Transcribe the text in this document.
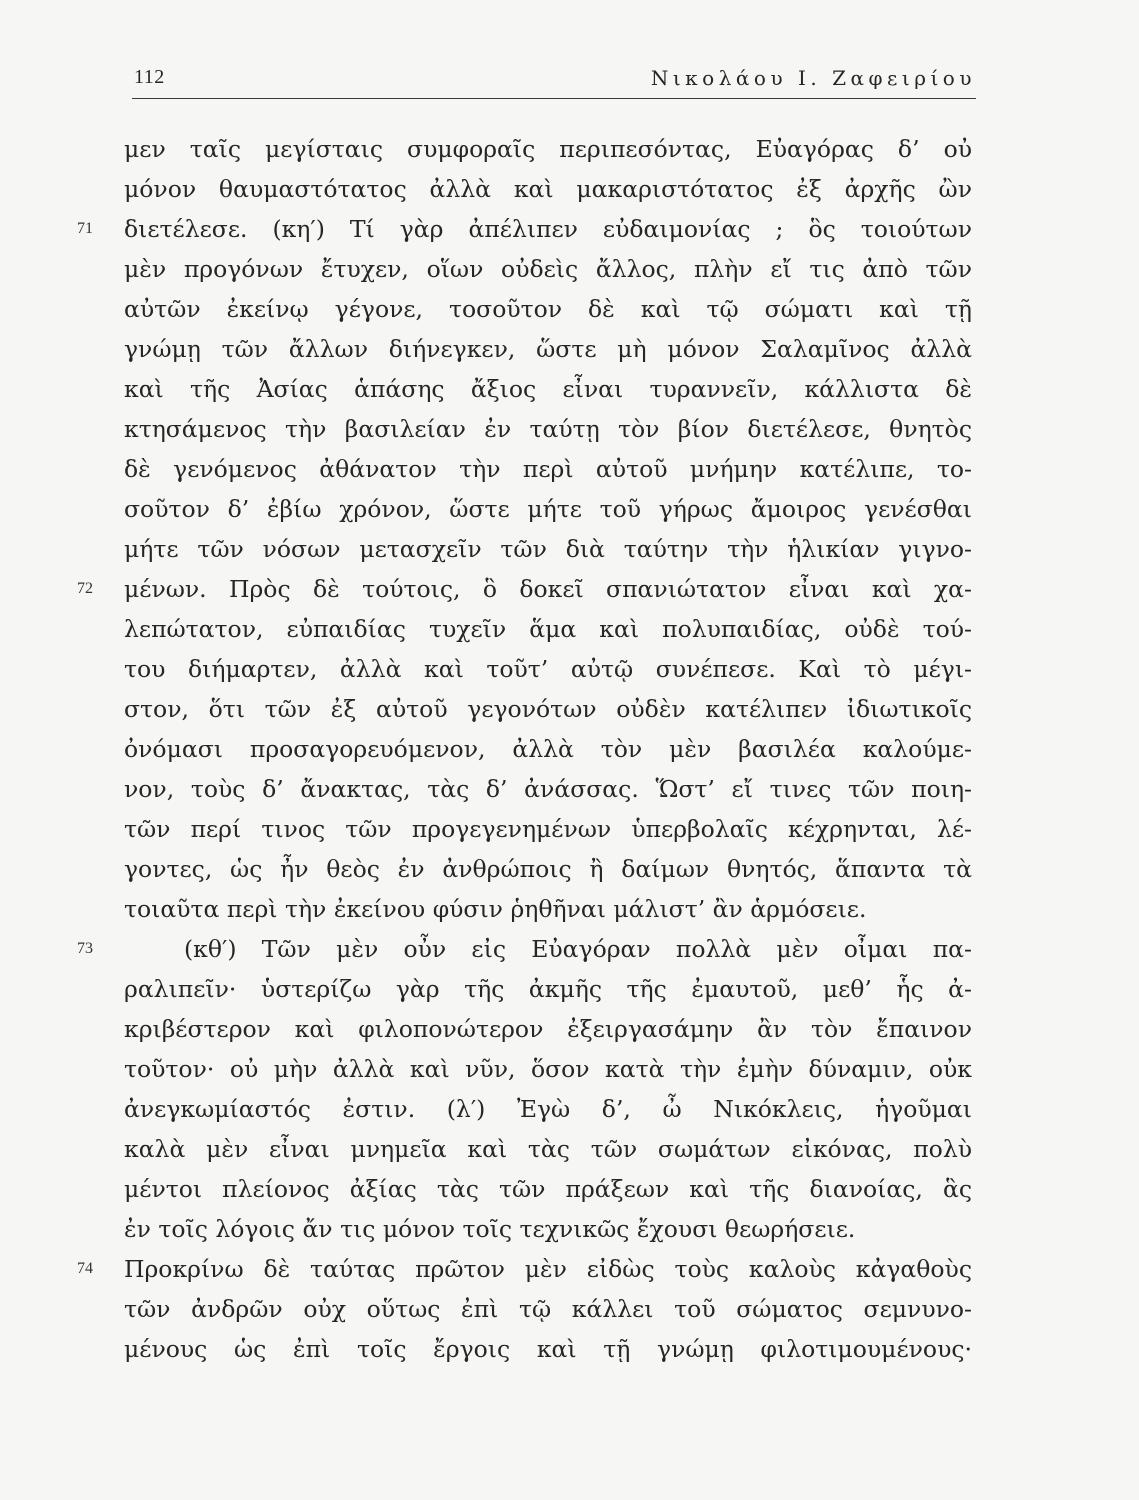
112	Νικολάου Ι. Ζαφειρίου
μεν ταῖς μεγίσταις συμφοραῖς περιπεσόντας, Εὐαγόρας δ’ οὐ
μόνον θαυμαστότατος ἀλλὰ καὶ μακαριστότατος ἐξ ἀρχῆς ὢν
διετέλεσε. (κη′) Τί γὰρ ἀπέλιπεν εὐδαιμονίας ; ὃς τοιούτων
μὲν προγόνων ἔτυχεν, οἵων οὐδεὶς ἄλλος, πλὴν εἴ τις ἀπὸ τῶν
αὐτῶν ἐκείνῳ γέγονε, τοσοῦτον δὲ καὶ τῷ σώματι καὶ τῇ
γνώμῃ τῶν ἄλλων διήνεγκεν, ὥστε μὴ μόνον Σαλαμῖνος ἀλλὰ
καὶ τῆς Ἀσίας ἁπάσης ἄξιος εἶναι τυραννεῖν, κάλλιστα δὲ
κτησάμενος τὴν βασιλείαν ἐν ταύτῃ τὸν βίον διετέλεσε, θνητὸς
δὲ γενόμενος ἀθάνατον τὴν περὶ αὐτοῦ μνήμην κατέλιπε, το-
σοῦτον δ’ ἐβίω χρόνον, ὥστε μήτε τοῦ γήρως ἄμοιρος γενέσθαι
μήτε τῶν νόσων μετασχεῖν τῶν διὰ ταύτην τὴν ἡλικίαν γιγνο-
μένων. Πρὸς δὲ τούτοις, ὃ δοκεῖ σπανιώτατον εἶναι καὶ χα-
λεπώτατον, εὐπαιδίας τυχεῖν ἅμα καὶ πολυπαιδίας, οὐδὲ τού-
του διήμαρτεν, ἀλλὰ καὶ τοῦτ’ αὐτῷ συνέπεσε. Καὶ τὸ μέγι-
στον, ὅτι τῶν ἐξ αὐτοῦ γεγονότων οὐδὲν κατέλιπεν ἰδιωτικοῖς
ὀνόμασι προσαγορευόμενον, ἀλλὰ τὸν μὲν βασιλέα καλούμε-
νον, τοὺς δ’ ἄνακτας, τὰς δ’ ἀνάσσας. Ὥστ’ εἴ τινες τῶν ποιη-
τῶν περί τινος τῶν προγεγενημένων ὑπερβολαῖς κέχρηνται, λέ-
γοντες, ὡς ἦν θεὸς ἐν ἀνθρώποις ἢ δαίμων θνητός, ἅπαντα τὰ
τοιαῦτα περὶ τὴν ἐκείνου φύσιν ῥηθῆναι μάλιστ’ ἂν ἁρμόσειε.
(κθ′) Τῶν μὲν οὖν εἰς Εὐαγόραν πολλὰ μὲν οἶμαι πα-
ραλιπεῖν· ὑστερίζω γὰρ τῆς ἀκμῆς τῆς ἐμαυτοῦ, μεθ’ ἧς ἀ-
κριβέστερον καὶ φιλοπονώτερον ἐξειργασάμην ἂν τὸν ἔπαινον
τοῦτον· οὐ μὴν ἀλλὰ καὶ νῦν, ὅσον κατὰ τὴν ἐμὴν δύναμιν, οὐκ
ἀνεγκωμίαστός ἐστιν. (λ′) Ἐγὼ δ’, ὦ Νικόκλεις, ἡγοῦμαι
καλὰ μὲν εἶναι μνημεῖα καὶ τὰς τῶν σωμάτων εἰκόνας, πολὺ
μέντοι πλείονος ἀξίας τὰς τῶν πράξεων καὶ τῆς διανοίας, ἃς
ἐν τοῖς λόγοις ἄν τις μόνον τοῖς τεχνικῶς ἔχουσι θεωρήσειε.
Προκρίνω δὲ ταύτας πρῶτον μὲν εἰδὼς τοὺς καλοὺς κἀγαθοὺς
τῶν ἀνδρῶν οὐχ οὕτως ἐπὶ τῷ κάλλει τοῦ σώματος σεμνυνο-
μένους ὡς ἐπὶ τοῖς ἔργοις καὶ τῇ γνώμῃ φιλοτιμουμένους·
71
72
73
74
